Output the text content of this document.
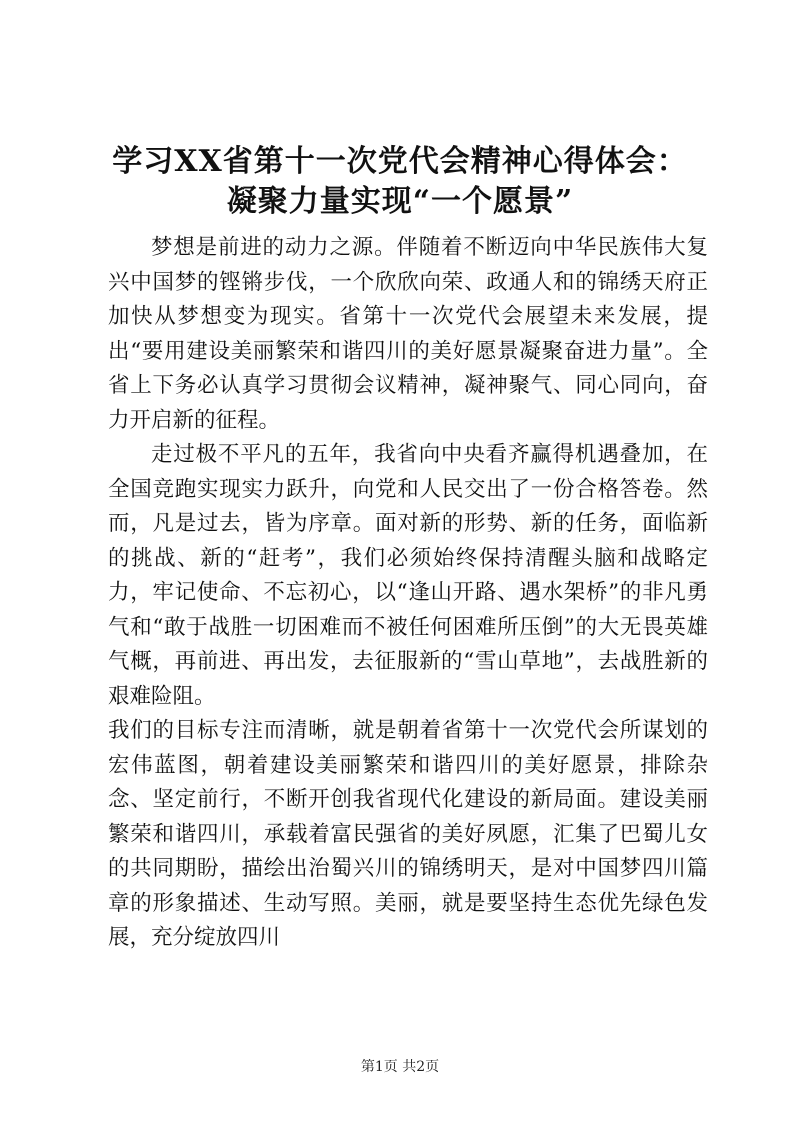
学习XX省第十一次党代会精神心得体会：凝聚力量实现“一个愿景”

梦想是前进的动力之源。伴随着不断迈向中华民族伟大复兴中国梦的铿锵步伐，一个欣欣向荣、政通人和的锦绣天府正加快从梦想变为现实。省第十一次党代会展望未来发展，提出“要用建设美丽繁荣和谐四川的美好愿景凝聚奋进力量”。全省上下务必认真学习贯彻会议精神，凝神聚气、同心同向，奋力开启新的征程。

走过极不平凡的五年，我省向中央看齐赢得机遇叠加，在全国竞跑实现实力跃升，向党和人民交出了一份合格答卷。然而，凡是过去，皆为序章。面对新的形势、新的任务，面临新的挑战、新的“赶考”，我们必须始终保持清醒头脑和战略定力，牢记使命、不忘初心，以“逢山开路、遇水架桥”的非凡勇气和“敢于战胜一切困难而不被任何困难所压倒”的大无畏英雄气概，再前进、再出发，去征服新的“雪山草地”，去战胜新的艰难险阻。

我们的目标专注而清晰，就是朝着省第十一次党代会所谋划的宏伟蓝图，朝着建设美丽繁荣和谐四川的美好愿景，排除杂念、坚定前行，不断开创我省现代化建设的新局面。建设美丽繁荣和谐四川，承载着富民强省的美好夙愿，汇集了巴蜀儿女的共同期盼，描绘出治蜀兴川的锦绣明天，是对中国梦四川篇章的形象描述、生动写照。美丽，就是要坚持生态优先绿色发展，充分绽放四川

第1页 共2页
